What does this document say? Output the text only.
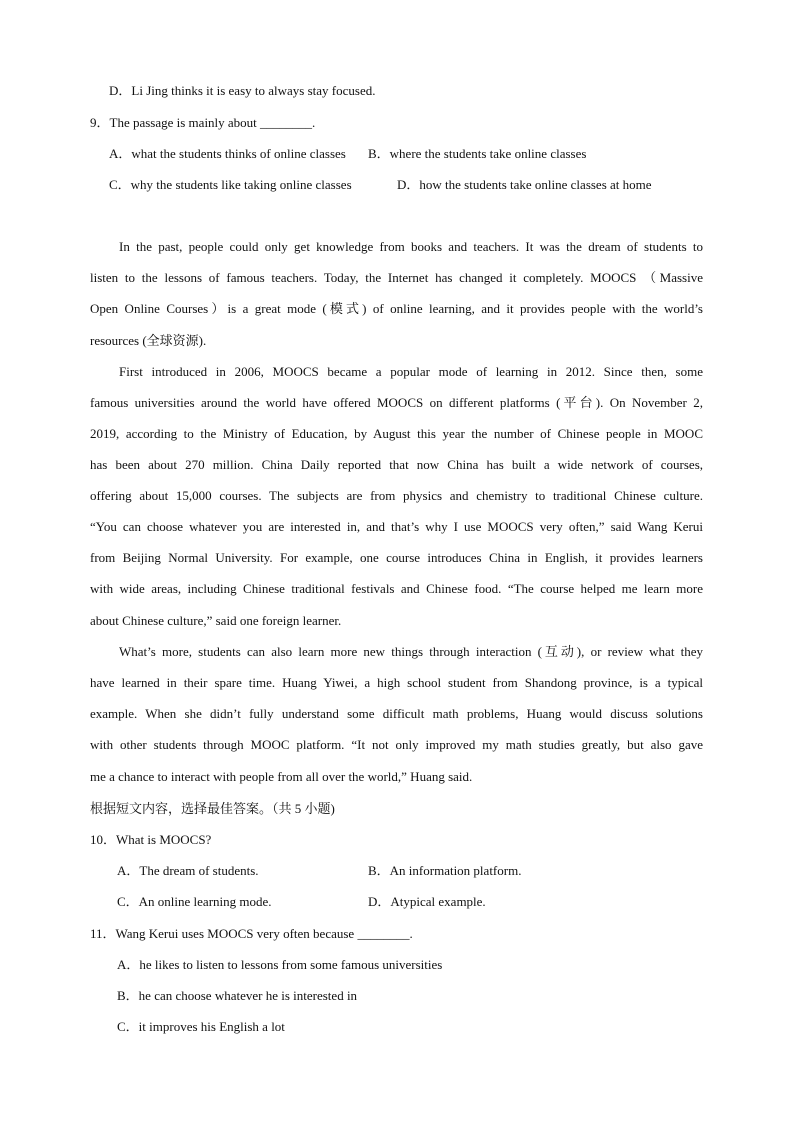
D．Li Jing thinks it is easy to always stay focused.
9．The passage is mainly about ________.
A．what the students thinks of online classes B．where the students take online classes
C．why the students like taking online classes	D．how the students take online classes at home
In the past, people could only get knowledge from books and teachers. It was the dream of students to
listen to the lessons of famous teachers. Today, the Internet has changed it completely. MOOCS （Massive
Open Online Courses）is a great mode (模式) of online learning, and it provides people with the world’s
resources (全球资源).
First introduced in 2006, MOOCS became a popular mode of learning in 2012. Since then, some
famous universities around the world have offered MOOCS on different platforms (平台). On November 2,
2019, according to the Ministry of Education, by August this year the number of Chinese people in MOOC
has been about 270 million. China Daily reported that now China has built a wide network of courses,
offering about 15,000 courses. The subjects are from physics and chemistry to traditional Chinese culture.
“You can choose whatever you are interested in, and that’s why I use MOOCS very often,” said Wang Kerui
from Beijing Normal University. For example, one course introduces China in English, it provides learners
with wide areas, including Chinese traditional festivals and Chinese food. “The course helped me learn more
about Chinese culture,” said one foreign learner.
What’s more, students can also learn more new things through interaction (互动), or review what they
have learned in their spare time. Huang Yiwei, a high school student from Shandong province, is a typical
example. When she didn’t fully understand some difficult math problems, Huang would discuss solutions
with other students through MOOC platform. “It not only improved my math studies greatly, but also gave
me a chance to interact with people from all over the world,” Huang said.
根据短文内容，选择最佳答案。（共 5 小题)
10．What is MOOCS?
A．The dream of students.	B．An information platform.
C．An online learning mode.	D．Atypical example.
11．Wang Kerui uses MOOCS very often because ________.
A．he likes to listen to lessons from some famous universities
B．he can choose whatever he is interested in
C．it improves his English a lot
